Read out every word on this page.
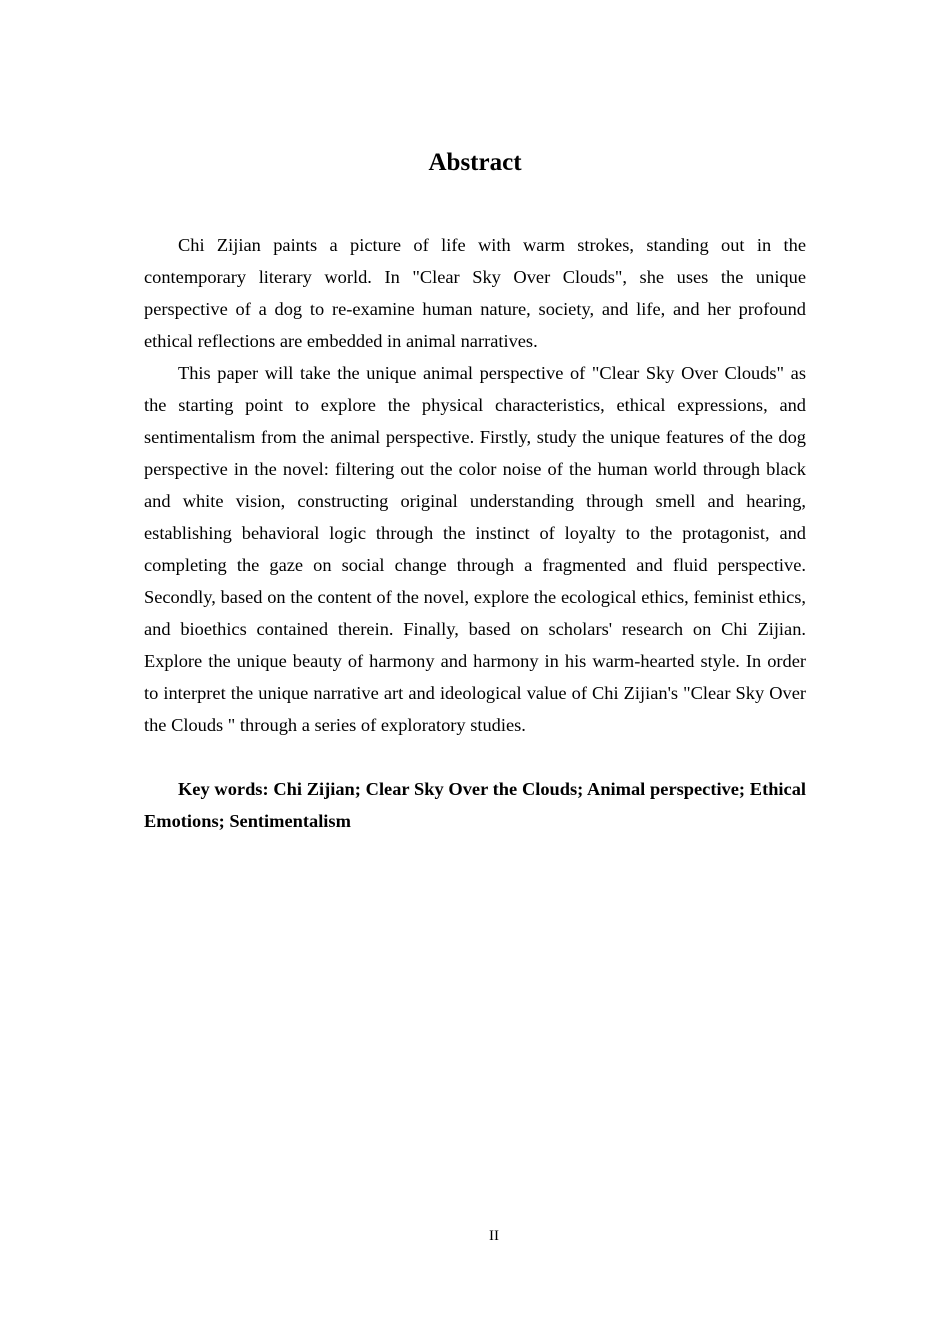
Abstract

Chi Zijian paints a picture of life with warm strokes, standing out in the contemporary literary world. In "Clear Sky Over Clouds", she uses the unique perspective of a dog to re-examine human nature, society, and life, and her profound ethical reflections are embedded in animal narratives.

This paper will take the unique animal perspective of "Clear Sky Over Clouds" as the starting point to explore the physical characteristics, ethical expressions, and sentimentalism from the animal perspective. Firstly, study the unique features of the dog perspective in the novel: filtering out the color noise of the human world through black and white vision, constructing original understanding through smell and hearing, establishing behavioral logic through the instinct of loyalty to the protagonist, and completing the gaze on social change through a fragmented and fluid perspective. Secondly, based on the content of the novel, explore the ecological ethics, feminist ethics, and bioethics contained therein. Finally, based on scholars' research on Chi Zijian. Explore the unique beauty of harmony and harmony in his warm-hearted style. In order to interpret the unique narrative art and ideological value of Chi Zijian's "Clear Sky Over the Clouds " through a series of exploratory studies.

Key words: Chi Zijian; Clear Sky Over the Clouds; Animal perspective; Ethical Emotions; Sentimentalism

II
